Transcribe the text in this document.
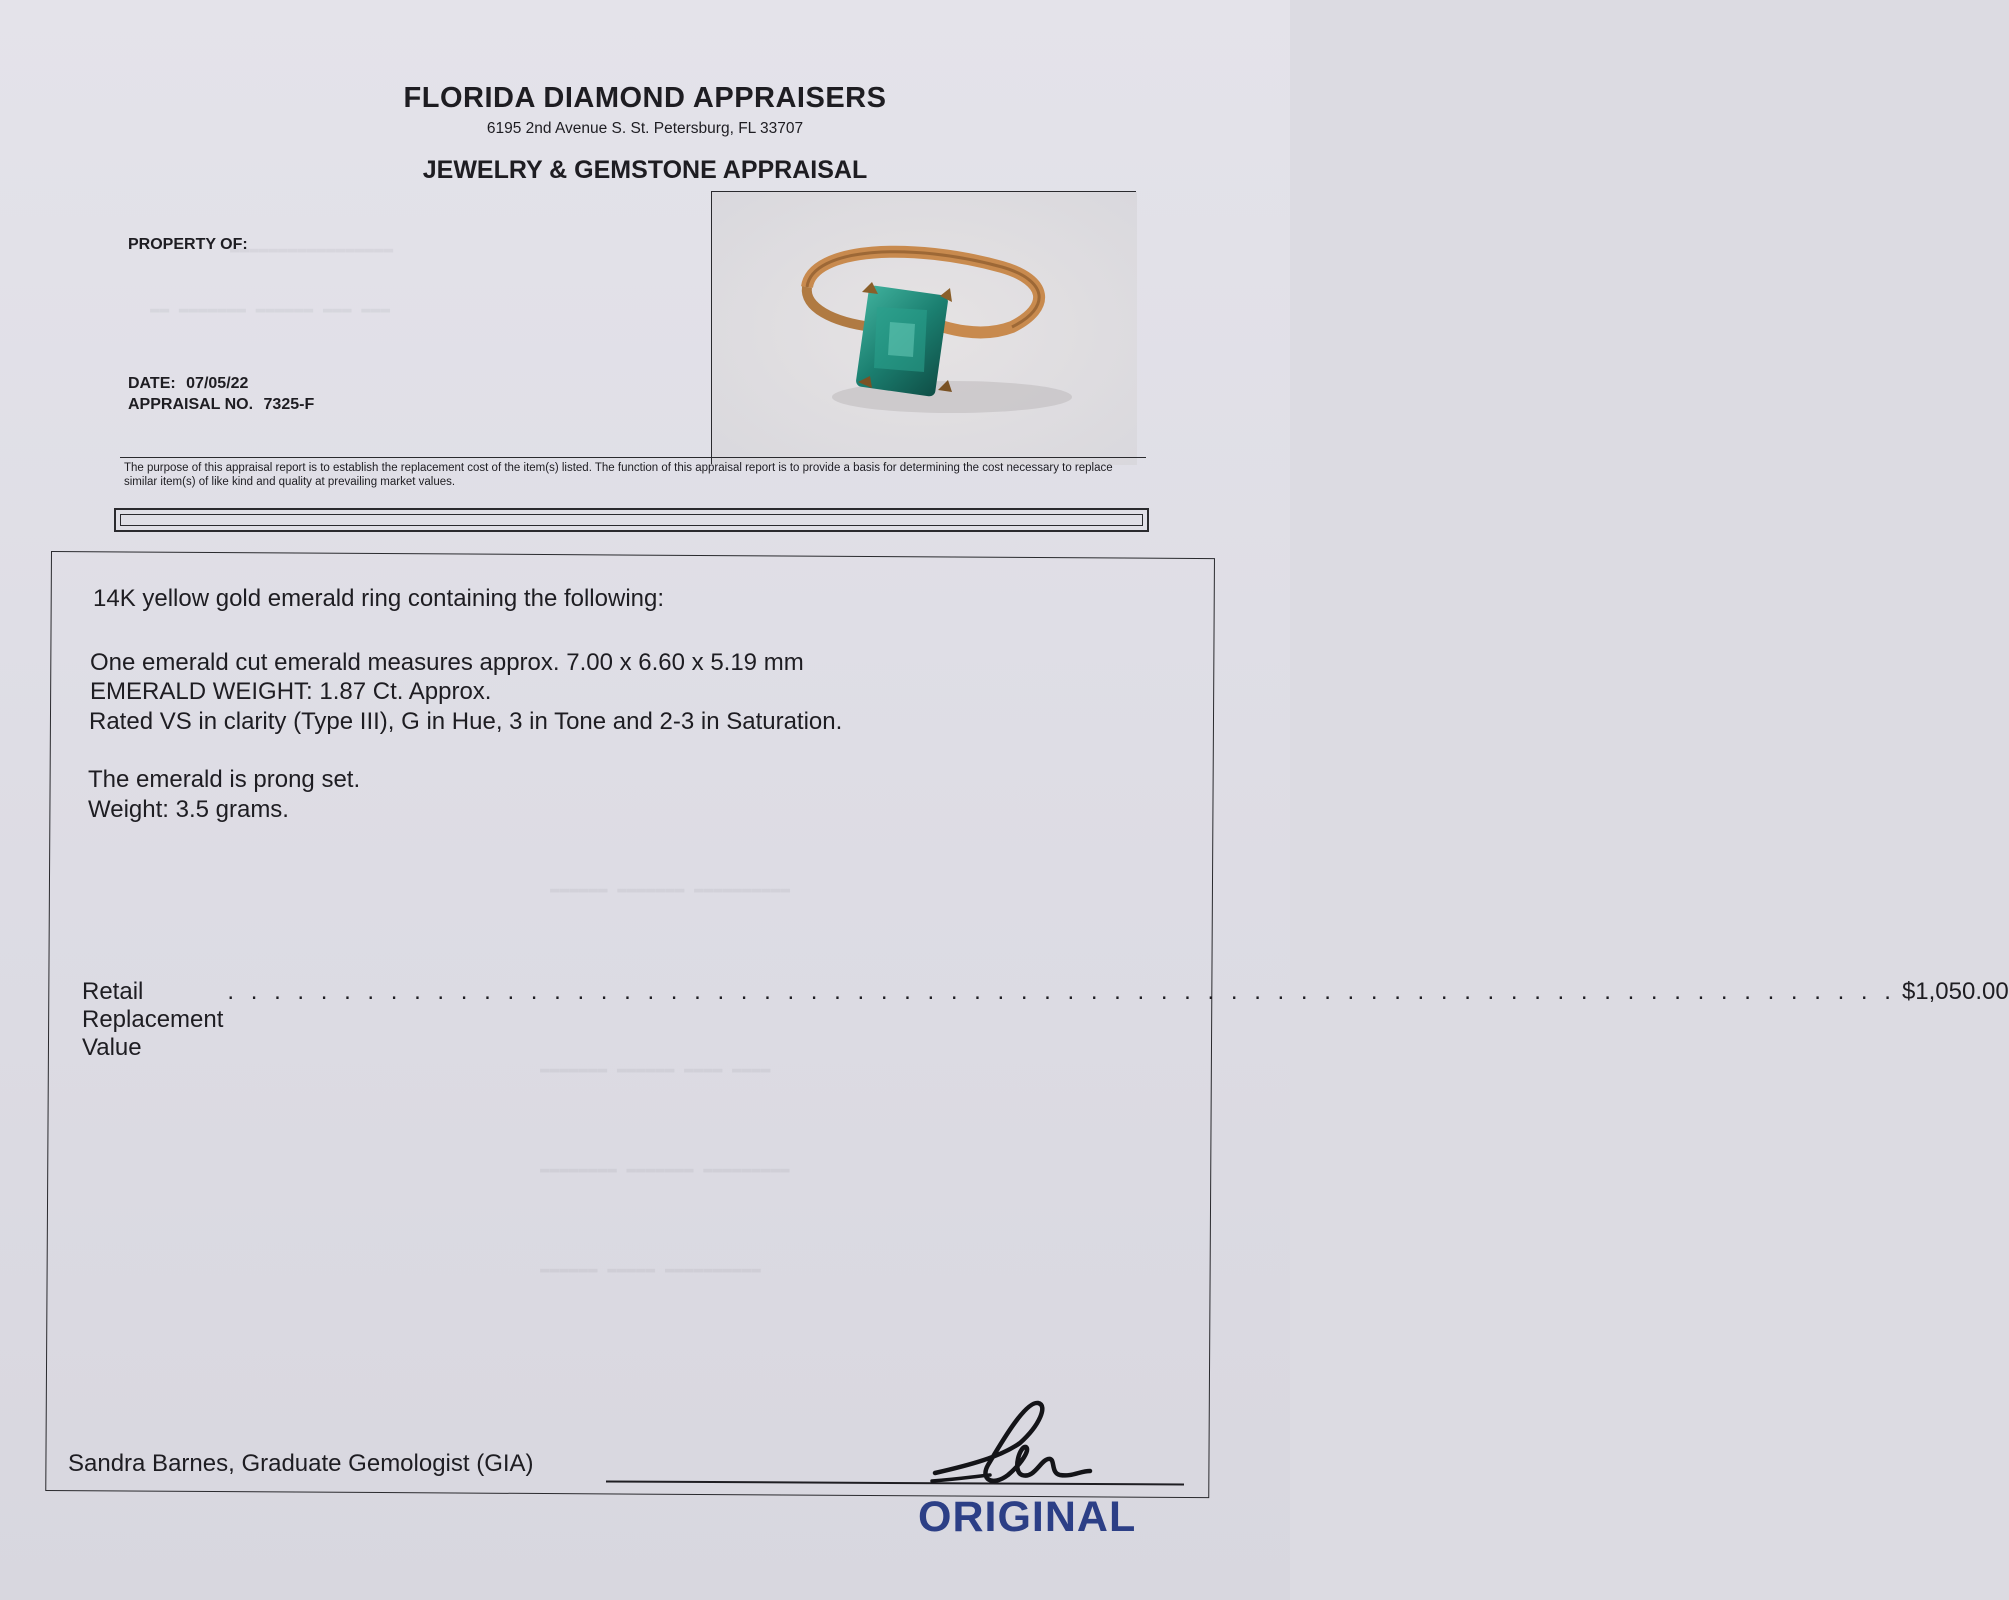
▬▬▬▬▬▬▬▬▬▬▬▬▬▬▬▬▬
▬▬ ▬▬▬▬▬▬▬ ▬▬▬▬▬▬ ▬▬▬ ▬▬▬
▬▬▬▬▬▬ ▬▬▬▬▬▬▬ ▬▬▬▬▬▬▬▬▬▬
▬▬▬▬▬▬▬ ▬▬▬▬▬▬ ▬▬▬▬ ▬▬▬▬
▬▬▬▬▬▬▬▬ ▬▬▬▬▬▬▬ ▬▬▬▬▬▬▬▬▬
▬▬▬▬▬▬ ▬▬▬▬▬ ▬▬▬▬▬▬▬▬▬▬
FLORIDA DIAMOND APPRAISERS
6195 2nd Avenue S. St. Petersburg, FL 33707
JEWELRY & GEMSTONE APPRAISAL
PROPERTY OF:
DATE: 07/05/22
APPRAISAL NO. 7325-F
The purpose of this appraisal report is to establish the replacement cost of the item(s) listed. The function of this appraisal report is to provide a basis for determining the cost necessary to replace similar item(s) of like kind and quality at prevailing market values.
14K yellow gold emerald ring containing the following:
One emerald cut emerald measures approx. 7.00 x 6.60 x 5.19 mm
EMERALD WEIGHT: 1.87 Ct. Approx.
Rated VS in clarity (Type III), G in Hue, 3 in Tone and 2-3 in Saturation.
The emerald is prong set.
Weight: 3.5 grams.
Retail Replacement Value
. . . . . . . . . . . . . . . . . . . . . . . . . . . . . . . . . . . . . . . . . . . . . . . . . . . . . . . . . . . . . . . . . . . . . . . . $1,050.00
Sandra Barnes, Graduate Gemologist (GIA)
ORIGINAL
